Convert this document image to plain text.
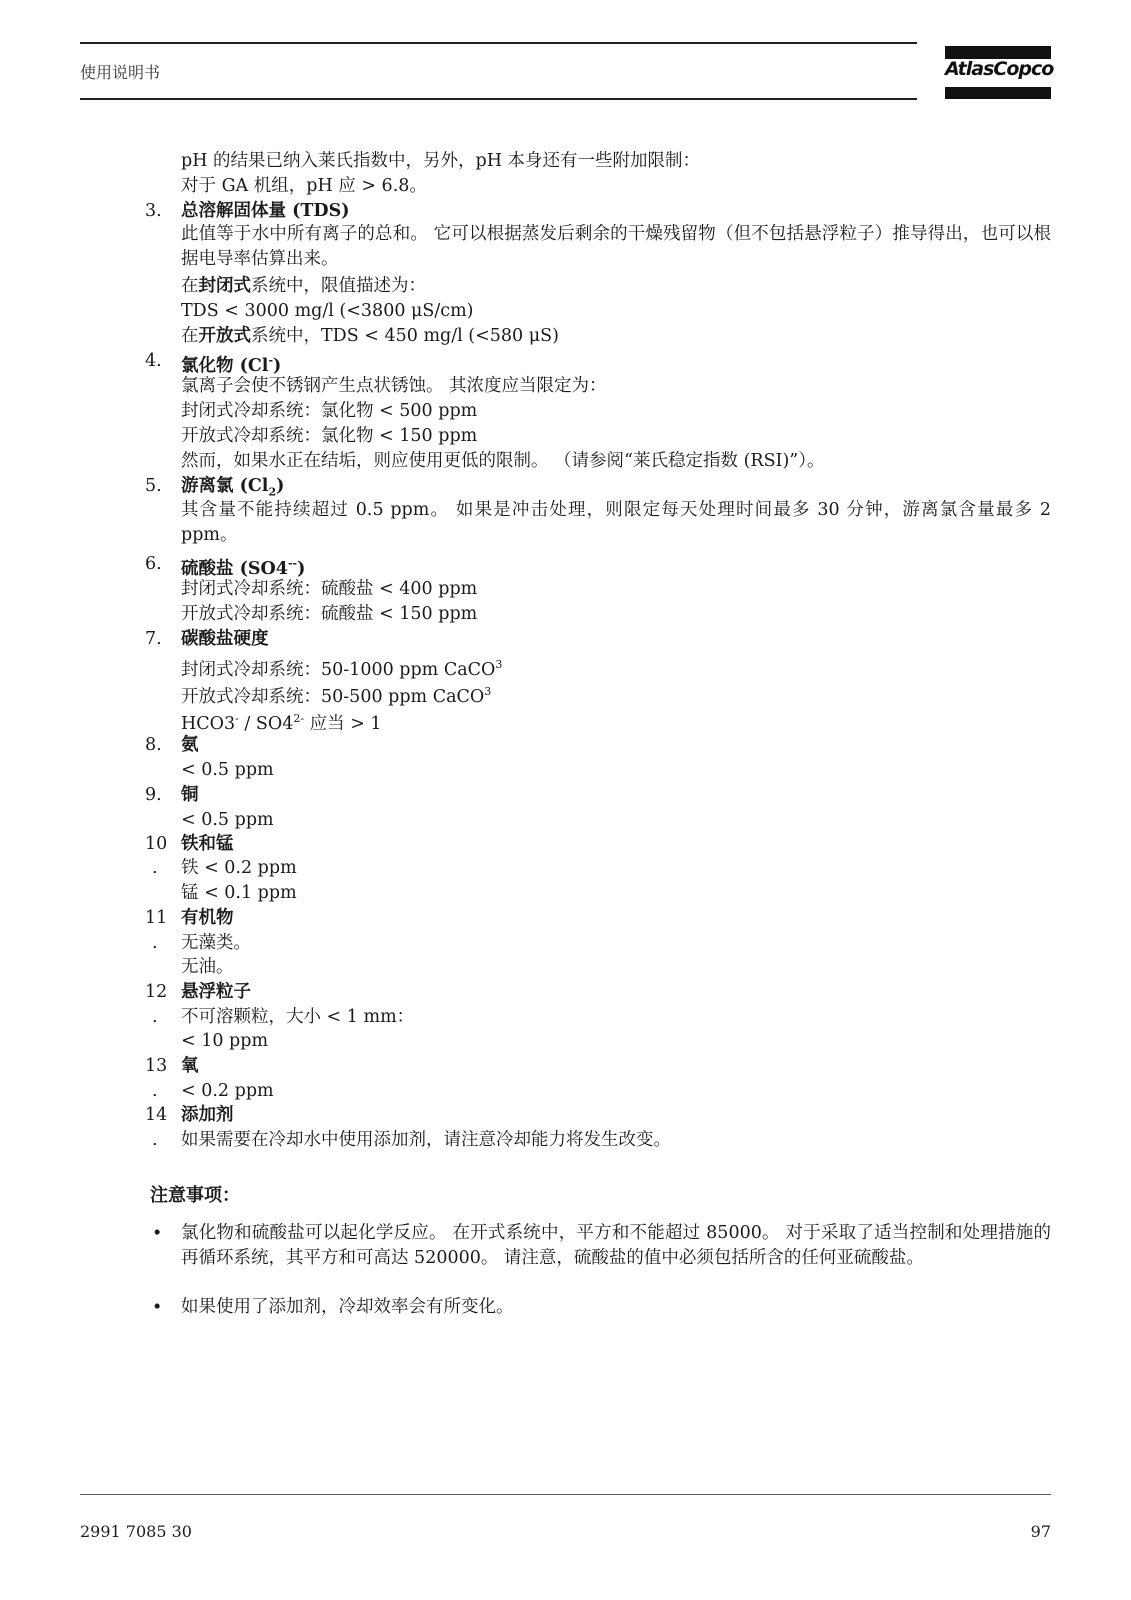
使用说明书	AtlasCopco
pH 的结果已纳入莱氏指数中，另外，pH 本身还有一些附加限制：
对于 GA 机组，pH 应 > 6.8。
3. 总溶解固体量 (TDS)
此值等于水中所有离子的总和。 它可以根据蒸发后剩余的干燥残留物（但不包括悬浮粒子）推导得出，也可以根据电导率估算出来。
在封闭式系统中，限值描述为：
TDS < 3000 mg/l (<3800 μS/cm)
在开放式系统中，TDS < 450 mg/l (<580 μS)
4. 氯化物 (Cl-)
氯离子会使不锈钢产生点状锈蚀。 其浓度应当限定为：
封闭式冷却系统：氯化物 < 500 ppm
开放式冷却系统：氯化物 < 150 ppm
然而，如果水正在结垢，则应使用更低的限制。 （请参阅“莱氏稳定指数 (RSI)”）。
5. 游离氯 $(Cl_2)$
其含量不能持续超过 0.5 ppm。 如果是冲击处理，则限定每天处理时间最多 30 分钟，游离氯含量最多 2 ppm。
6. 硫酸盐 (SO4--)
封闭式冷却系统：硫酸盐 < 400 ppm
开放式冷却系统：硫酸盐 < 150 ppm
7. 碳酸盐硬度
封闭式冷却系统：50-1000 ppm CaCO$^3$
开放式冷却系统：50-500 ppm CaCO$^3$
$HCO3^- / SO4^{2-}$ 应当 > 1
8. 氨
< 0.5 ppm
9. 铜
< 0.5 ppm
10 铁和锰
. 铁 < 0.2 ppm
锰 < 0.1 ppm
11 有机物
. 无藻类。
无油。
12 悬浮粒子
. 不可溶颗粒，大小 < 1 mm：
< 10 ppm
13 氧
. < 0.2 ppm
14 添加剂
. 如果需要在冷却水中使用添加剂，请注意冷却能力将发生改变。
注意事项：
• 氯化物和硫酸盐可以起化学反应。 在开式系统中，平方和不能超过 85000。 对于采取了适当控制和处理措施的再循环系统，其平方和可高达 520000。 请注意，硫酸盐的值中必须包括所含的任何亚硫酸盐。
• 如果使用了添加剂，冷却效率会有所变化。
2991 7085 30	97
